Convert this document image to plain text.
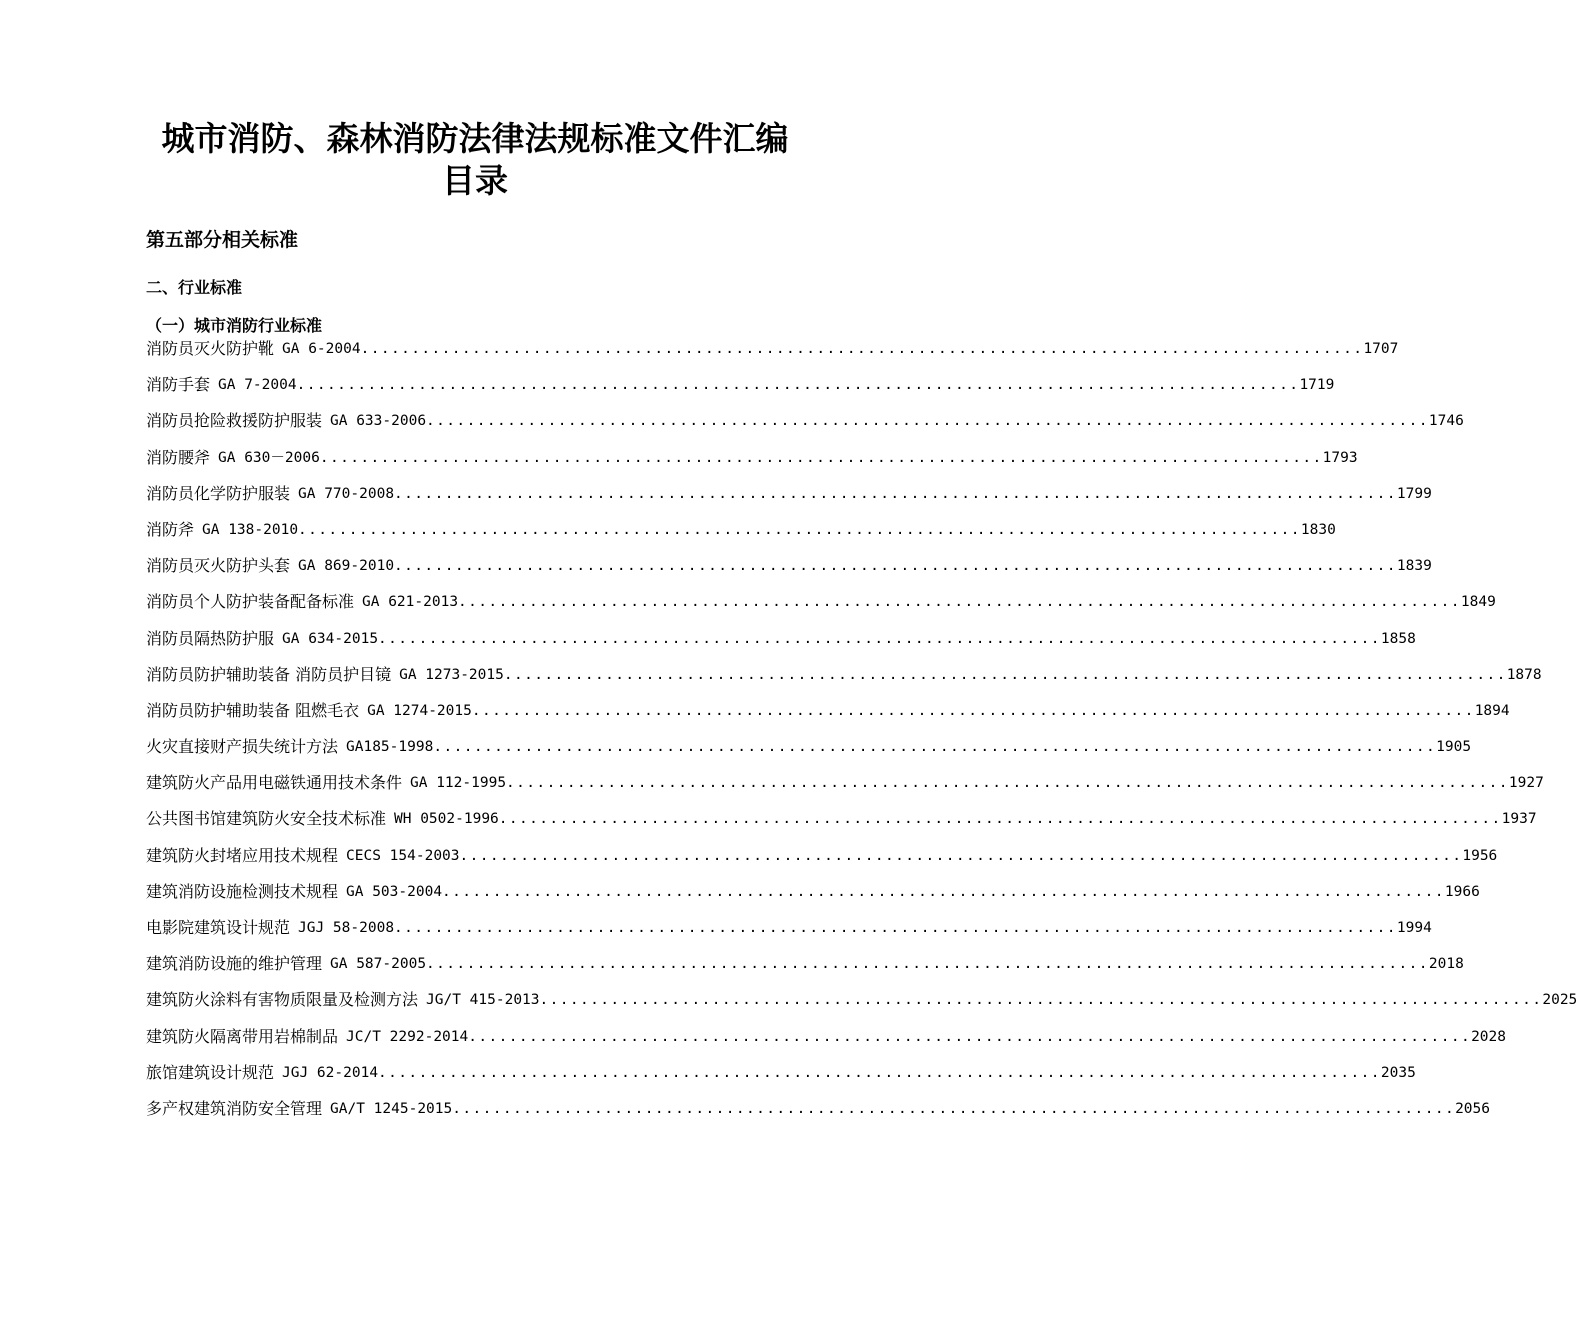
城市消防、森林消防法律法规标准文件汇编
目录
第五部分相关标准
二、行业标准
（一）城市消防行业标准
消防员灭火防护靴 GA 6-2004 ................................................................................................... 1707
消防手套 GA 7-2004 ................................................................................................... 1719
消防员抢险救援防护服装 GA 633-2006 ................................................................................................... 1746
消防腰斧 GA 630－2006 ................................................................................................... 1793
消防员化学防护服装 GA 770-2008 ................................................................................................... 1799
消防斧 GA 138-2010 ................................................................................................... 1830
消防员灭火防护头套 GA 869-2010 ................................................................................................... 1839
消防员个人防护装备配备标准 GA 621-2013 ................................................................................................... 1849
消防员隔热防护服 GA 634-2015 ................................................................................................... 1858
消防员防护辅助装备 消防员护目镜 GA 1273-2015 ................................................................................................... 1878
消防员防护辅助装备 阻燃毛衣 GA 1274-2015 ................................................................................................... 1894
火灾直接财产损失统计方法 GA185-1998 ................................................................................................... 1905
建筑防火产品用电磁铁通用技术条件 GA 112-1995 ................................................................................................... 1927
公共图书馆建筑防火安全技术标准 WH 0502-1996 ................................................................................................... 1937
建筑防火封堵应用技术规程 CECS 154-2003 ................................................................................................... 1956
建筑消防设施检测技术规程 GA 503-2004 ................................................................................................... 1966
电影院建筑设计规范 JGJ 58-2008 ................................................................................................... 1994
建筑消防设施的维护管理 GA 587-2005 ................................................................................................... 2018
建筑防火涂料有害物质限量及检测方法 JG/T 415-2013 ................................................................................................... 2025
建筑防火隔离带用岩棉制品 JC/T 2292-2014 ................................................................................................... 2028
旅馆建筑设计规范 JGJ 62-2014 ................................................................................................... 2035
多产权建筑消防安全管理 GA/T 1245-2015 ................................................................................................... 2056
